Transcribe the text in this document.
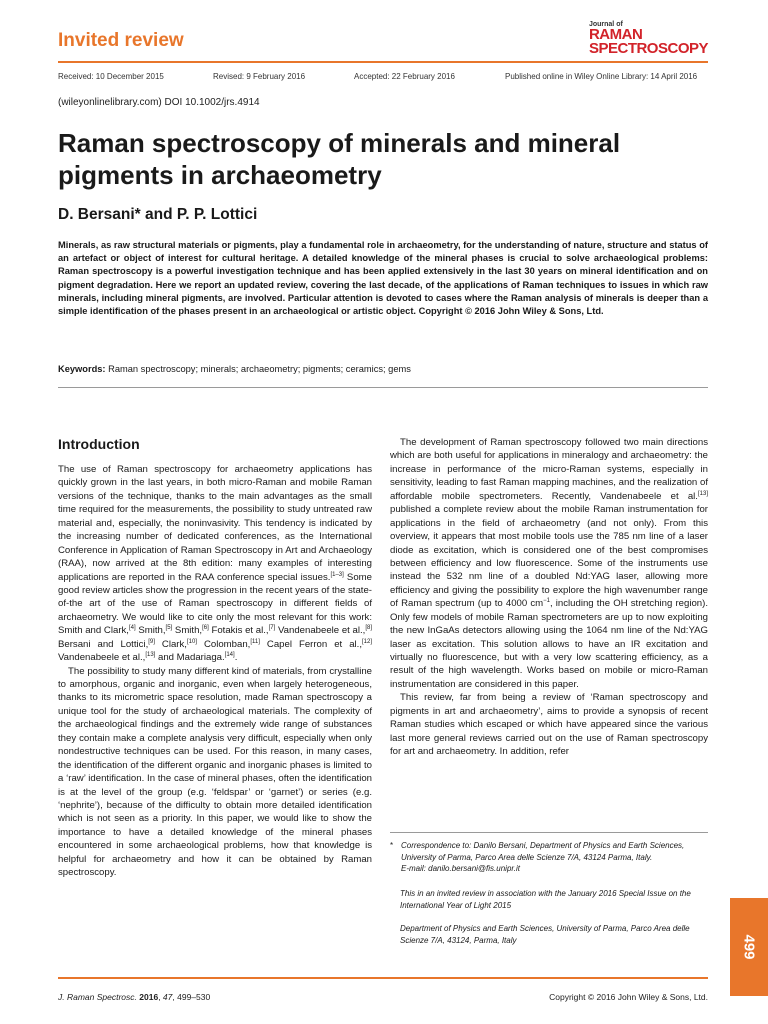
Invited review
Journal of
RAMAN
SPECTROSCOPY
Received: 10 December 2015	Revised: 9 February 2016	Accepted: 22 February 2016	Published online in Wiley Online Library: 14 April 2016
(wileyonlinelibrary.com) DOI 10.1002/jrs.4914
Raman spectroscopy of minerals and mineral pigments in archaeometry
D. Bersani* and P. P. Lottici
Minerals, as raw structural materials or pigments, play a fundamental role in archaeometry, for the understanding of nature, structure and status of an artefact or object of interest for cultural heritage. A detailed knowledge of the mineral phases is crucial to solve archaeological problems: Raman spectroscopy is a powerful investigation technique and has been applied extensively in the last 30 years on mineral identification and on pigment degradation. Here we report an updated review, covering the last decade, of the applications of Raman techniques to issues in which raw minerals, including mineral pigments, are involved. Particular attention is devoted to cases where the Raman analysis of minerals is deeper than a simple identification of the phases present in an archaeological or artistic object. Copyright © 2016 John Wiley & Sons, Ltd.
Keywords: Raman spectroscopy; minerals; archaeometry; pigments; ceramics; gems
Introduction

The use of Raman spectroscopy for archaeometry applications has quickly grown in the last years, in both micro-Raman and mobile Raman versions of the technique, thanks to the main advantages as the small time required for the measurements, the possibility to study untreated raw material and, especially, the noninvasivity. This tendency is indicated by the increasing number of dedicated conferences, as the International Conference in Application of Raman Spectroscopy in Art and Archaeology (RAA), now arrived at the 8th edition: many examples of interesting applications are reported in the RAA conference special issues.[1–3] Some good review articles show the progression in the recent years of the state-of-the art of the use of Raman spectroscopy in different fields of archaeometry. We would like to cite only the most relevant for this work: Smith and Clark,[4] Smith,[5] Smith,[6] Fotakis et al.,[7] Vandenabeele et al.,[8] Bersani and Lottici,[9] Clark,[10] Colomban,[11] Capel Ferron et al.,[12] Vandenabeele et al.,[13] and Madariaga.[14].

The possibility to study many different kind of materials, from crystalline to amorphous, organic and inorganic, even when largely heterogeneous, thanks to its micrometric space resolution, made Raman spectroscopy a unique tool for the study of archaeological materials. The complexity of the archaeological findings and the extremely wide range of substances they contain make a complete analysis very difficult, especially when only nondestructive techniques can be used. For this reason, in many cases, the identification of the different organic and inorganic phases is limited to a ‘raw’ identification. In the case of mineral phases, often the identification is at the level of the group (e.g. ‘feldspar’ or ‘garnet’) or series (e.g. ‘nephrite’), because of the difficulty to obtain more detailed identification which is not seen as a priority. In this paper, we would like to show the importance to have a detailed knowledge of the mineral phases encountered in some archaeological problems, how that knowledge is helpful for archaeometry and how it can be obtained by Raman spectroscopy.

The development of Raman spectroscopy followed two main directions which are both useful for applications in mineralogy and archaeometry: the increase in performance of the micro-Raman systems, especially in sensitivity, leading to fast Raman mapping machines, and the realization of affordable mobile spectrometers. Recently, Vandenabeele et al.[13] published a complete review about the mobile Raman instrumentation for applications in the field of archaeometry (and not only). From this overview, it appears that most mobile tools use the 785 nm line of a laser diode as excitation, which is considered one of the best compromises between efficiency and low fluorescence. Some of the instruments use instead the 532 nm line of a doubled Nd:YAG laser, allowing more efficiency and giving the possibility to explore the high wavenumber range of Raman spectrum (up to 4000 $cm^{-1}$, including the OH stretching region). Only few models of mobile Raman spectrometers are up to now exploiting the new InGaAs detectors allowing using the 1064 nm line of the Nd:YAG laser as excitation. This solution allows to have an IR excitation and virtually no fluorescence, but with a very low scattering efficiency, as a result of the high wavelength. Works based on mobile or micro-Raman instrumentation are considered in this paper.

This review, far from being a review of ‘Raman spectroscopy and pigments in art and archaeometry’, aims to provide a synopsis of recent Raman studies which escaped or which have appeared since the various last more general reviews carried out on the use of Raman spectroscopy for art and archaeometry. In addition, refer

* Correspondence to: Danilo Bersani, Department of Physics and Earth Sciences, University of Parma, Parco Area delle Scienze 7/A, 43124 Parma, Italy.
E-mail: danilo.bersani@fis.unipr.it
This in an invited review in association with the January 2016 Special Issue on the International Year of Light 2015
Department of Physics and Earth Sciences, University of Parma, Parco Area delle Scienze 7/A, 43124, Parma, Italy
J. Raman Spectrosc. 2016, 47, 499–530	Copyright © 2016 John Wiley & Sons, Ltd.
499
